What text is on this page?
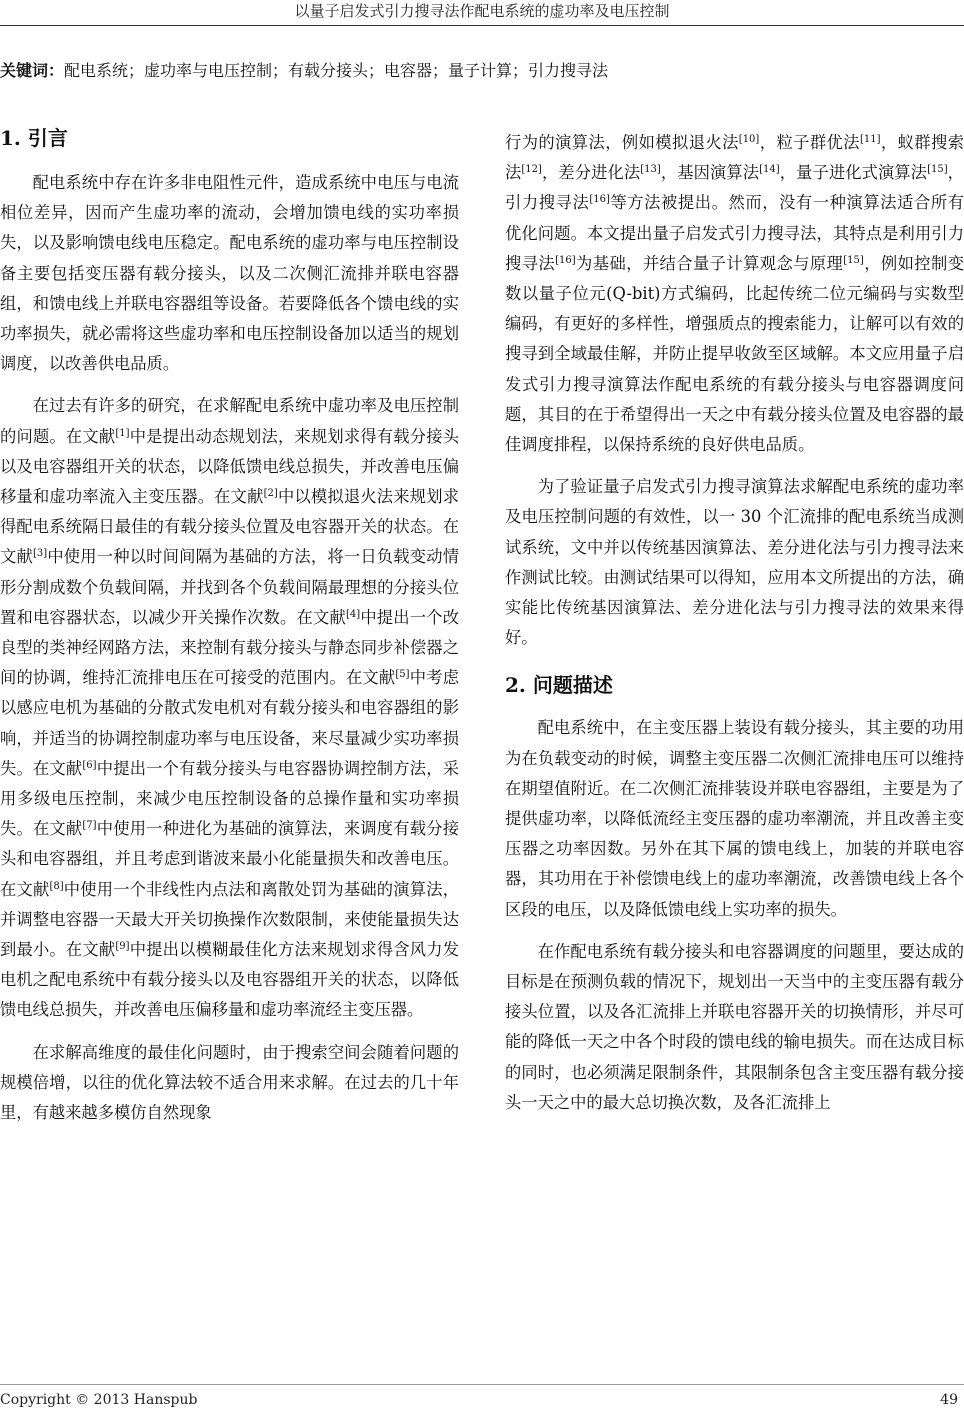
以量子启发式引力搜寻法作配电系统的虚功率及电压控制
关键词：配电系统；虚功率与电压控制；有载分接头；电容器；量子计算；引力搜寻法
1. 引言

配电系统中存在许多非电阻性元件，造成系统中电压与电流相位差异，因而产生虚功率的流动，会增加馈电线的实功率损失，以及影响馈电线电压稳定。配电系统的虚功率与电压控制设备主要包括变压器有载分接头，以及二次侧汇流排并联电容器组，和馈电线上并联电容器组等设备。若要降低各个馈电线的实功率损失，就必需将这些虚功率和电压控制设备加以适当的规划调度，以改善供电品质。

在过去有许多的研究，在求解配电系统中虚功率及电压控制的问题。在文献[1]中是提出动态规划法，来规划求得有载分接头以及电容器组开关的状态，以降低馈电线总损失，并改善电压偏移量和虚功率流入主变压器。在文献[2]中以模拟退火法来规划求得配电系统隔日最佳的有载分接头位置及电容器开关的状态。在文献[3]中使用一种以时间间隔为基础的方法，将一日负载变动情形分割成数个负载间隔，并找到各个负载间隔最理想的分接头位置和电容器状态，以减少开关操作次数。在文献[4]中提出一个改良型的类神经网路方法，来控制有载分接头与静态同步补偿器之间的协调，维持汇流排电压在可接受的范围内。在文献[5]中考虑以感应电机为基础的分散式发电机对有载分接头和电容器组的影响，并适当的协调控制虚功率与电压设备，来尽量减少实功率损失。在文献[6]中提出一个有载分接头与电容器协调控制方法，采用多级电压控制，来减少电压控制设备的总操作量和实功率损失。在文献[7]中使用一种进化为基础的演算法，来调度有载分接头和电容器组，并且考虑到谐波来最小化能量损失和改善电压。在文献[8]中使用一个非线性内点法和离散处罚为基础的演算法，并调整电容器一天最大开关切换操作次数限制，来使能量损失达到最小。在文献[9]中提出以模糊最佳化方法来规划求得含风力发电机之配电系统中有载分接头以及电容器组开关的状态，以降低馈电线总损失，并改善电压偏移量和虚功率流经主变压器。

在求解高维度的最佳化问题时，由于搜索空间会随着问题的规模倍增，以往的优化算法较不适合用来求解。在过去的几十年里，有越来越多模仿自然现象

行为的演算法，例如模拟退火法[10]，粒子群优法[11]，蚁群搜索法[12]，差分进化法[13]，基因演算法[14]，量子进化式演算法[15]，引力搜寻法[16]等方法被提出。然而，没有一种演算法适合所有优化问题。本文提出量子启发式引力搜寻法，其特点是利用引力搜寻法[16]为基础，并结合量子计算观念与原理[15]，例如控制变数以量子位元(Q-bit)方式编码，比起传统二位元编码与实数型编码，有更好的多样性，增强质点的搜索能力，让解可以有效的搜寻到全域最佳解，并防止提早收敛至区域解。本文应用量子启发式引力搜寻演算法作配电系统的有载分接头与电容器调度问题，其目的在于希望得出一天之中有载分接头位置及电容器的最佳调度排程，以保持系统的良好供电品质。

为了验证量子启发式引力搜寻演算法求解配电系统的虚功率及电压控制问题的有效性，以一 30 个汇流排的配电系统当成测试系统，文中并以传统基因演算法、差分进化法与引力搜寻法来作测试比较。由测试结果可以得知，应用本文所提出的方法，确实能比传统基因演算法、差分进化法与引力搜寻法的效果来得好。

2. 问题描述

配电系统中，在主变压器上装设有载分接头，其主要的功用为在负载变动的时候，调整主变压器二次侧汇流排电压可以维持在期望值附近。在二次侧汇流排装设并联电容器组，主要是为了提供虚功率，以降低流经主变压器的虚功率潮流，并且改善主变压器之功率因数。另外在其下属的馈电线上，加装的并联电容器，其功用在于补偿馈电线上的虚功率潮流，改善馈电线上各个区段的电压，以及降低馈电线上实功率的损失。

在作配电系统有载分接头和电容器调度的问题里，要达成的目标是在预测负载的情况下，规划出一天当中的主变压器有载分接头位置，以及各汇流排上并联电容器开关的切换情形，并尽可能的降低一天之中各个时段的馈电线的输电损失。而在达成目标的同时，也必须满足限制条件，其限制条包含主变压器有载分接头一天之中的最大总切换次数，及各汇流排上

Copyright © 2013 Hanspub	49
